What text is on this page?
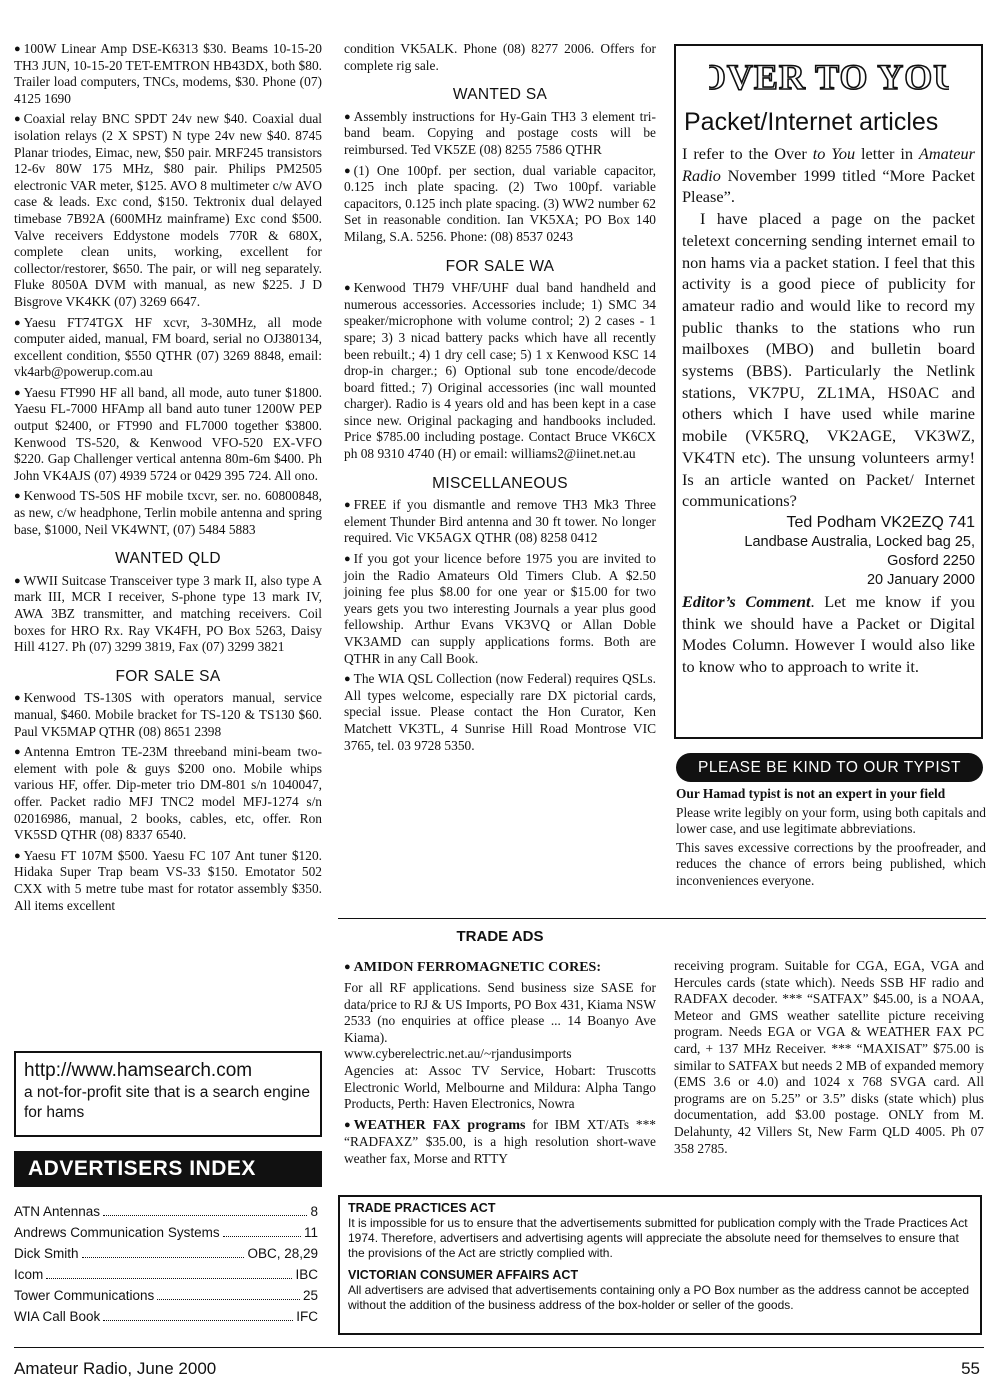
● 100W Linear Amp DSE-K6313 $30. Beams 10-15-20 TH3 JUN, 10-15-20 TET-EMTRON HB43DX, both $80. Trailer load computers, TNCs, modems, $30. Phone (07) 4125 1690

● Coaxial relay BNC SPDT 24v new $40. Coaxial dual isolation relays (2 X SPST) N type 24v new $40. 8745 Planar triodes, Eimac, new, $50 pair. MRF245 transistors 12-6v 80W 175 MHz, $80 pair. Philips PM2505 electronic VAR meter, $125. AVO 8 multimeter c/w AVO case & leads. Exc cond, $150. Tektronix dual delayed timebase 7B92A (600MHz mainframe) Exc cond $500. Valve receivers Eddystone models 770R & 680X, complete clean units, working, excellent for collector/restorer, $650. The pair, or will neg separately. Fluke 8050A DVM with manual, as new $225. J D Bisgrove VK4KK (07) 3269 6647.

● Yaesu FT74TGX HF xcvr, 3-30MHz, all mode computer aided, manual, FM board, serial no OJ380134, excellent condition, $550 QTHR (07) 3269 8848, email: vk4arb@powerup.com.au

● Yaesu FT990 HF all band, all mode, auto tuner $1800. Yaesu FL-7000 HFAmp all band auto tuner 1200W PEP output $2400, or FT990 and FL7000 together $3800. Kenwood TS-520, & Kenwood VFO-520 EX-VFO $220. Gap Challenger vertical antenna 80m-6m $400. Ph John VK4AJS (07) 4939 5724 or 0429 395 724. All ono.

● Kenwood TS-50S HF mobile txcvr, ser. no. 60800848, as new, c/w headphone, Terlin mobile antenna and spring base, $1000, Neil VK4WNT, (07) 5484 5883

WANTED QLD

● WWII Suitcase Transceiver type 3 mark II, also type A mark III, MCR I receiver, S-phone type 13 mark IV, AWA 3BZ transmitter, and matching receivers. Coil boxes for HRO Rx. Ray VK4FH, PO Box 5263, Daisy Hill 4127. Ph (07) 3299 3819, Fax (07) 3299 3821

FOR SALE SA

● Kenwood TS-130S with operators manual, service manual, $460. Mobile bracket for TS-120 & TS130 $60. Paul VK5MAP QTHR (08) 8651 2398

● Antenna Emtron TE-23M threeband mini-beam two-element with pole & guys $200 ono. Mobile whips various HF, offer. Dip-meter trio DM-801 s/n 1040047, offer. Packet radio MFJ TNC2 model MFJ-1274 s/n 02016986, manual, 2 books, cables, etc, offer. Ron VK5SD QTHR (08) 8337 6540.

● Yaesu FT 107M $500. Yaesu FC 107 Ant tuner $120. Hidaka Super Trap beam VS-33 $150. Emotator 502 CXX with 5 metre tube mast for rotator assembly $350. All items excellent

condition VK5ALK. Phone (08) 8277 2006. Offers for complete rig sale.

WANTED SA

● Assembly instructions for Hy-Gain TH3 3 element tri-band beam. Copying and postage costs will be reimbursed. Ted VK5ZE (08) 8255 7586 QTHR

● (1) One 100pf. per section, dual variable capacitor, 0.125 inch plate spacing. (2) Two 100pf. variable capacitors, 0.125 inch plate spacing. (3) WW2 number 62 Set in reasonable condition. Ian VK5XA; PO Box 140 Milang, S.A. 5256. Phone: (08) 8537 0243

FOR SALE WA

● Kenwood TH79 VHF/UHF dual band handheld and numerous accessories. Accessories include; 1) SMC 34 speaker/microphone with volume control; 2) 2 cases - 1 spare; 3) 3 nicad battery packs which have all recently been rebuilt.; 4) 1 dry cell case; 5) 1 x Kenwood KSC 14 drop-in charger.; 6) Optional sub tone encode/decode board fitted.; 7) Original accessories (inc wall mounted charger). Radio is 4 years old and has been kept in a case since new. Original packaging and handbooks included. Price $785.00 including postage. Contact Bruce VK6CX ph 08 9310 4740 (H) or email: williams2@iinet.net.au

MISCELLANEOUS

● FREE if you dismantle and remove TH3 Mk3 Three element Thunder Bird antenna and 30 ft tower. No longer required. Vic VK5AGX QTHR (08) 8258 0412

● If you got your licence before 1975 you are invited to join the Radio Amateurs Old Timers Club. A $2.50 joining fee plus $8.00 for one year or $15.00 for two years gets you two interesting Journals a year plus good fellowship. Arthur Evans VK3VQ or Allan Doble VK3AMD can supply applications forms. Both are QTHR in any Call Book.

● The WIA QSL Collection (now Federal) requires QSLs. All types welcome, especially rare DX pictorial cards, special issue. Please contact the Hon Curator, Ken Matchett VK3TL, 4 Sunrise Hill Road Montrose VIC 3765, tel. 03 9728 5350.

OVER TO YOU
Packet/Internet articles

I refer to the Over to You letter in Amateur Radio November 1999 titled “More Packet Please”.

I have placed a page on the packet teletext concerning sending internet email to non hams via a packet station. I feel that this activity is a good piece of publicity for amateur radio and would like to record my public thanks to the stations who run mailboxes (MBO) and bulletin board systems (BBS). Particularly the Netlink stations, VK7PU, ZL1MA, HS0AC and others which I have used while marine mobile (VK5RQ, VK2AGE, VK3WZ, VK4TN etc). The unsung volunteers army! Is an article wanted on Packet/ Internet communications?

Ted Podham VK2EZQ 741
Landbase Australia, Locked bag 25,
Gosford 2250
20 January 2000

Editor’s Comment. Let me know if you think we should have a Packet or Digital Modes Column. However I would also like to know who to approach to write it.

PLEASE BE KIND TO OUR TYPIST

Our Hamad typist is not an expert in your field

Please write legibly on your form, using both capitals and lower case, and use legitimate abbreviations.

This saves excessive corrections by the proofreader, and reduces the chance of errors being published, which inconveniences everyone.

http://www.hamsearch.com
a not-for-profit site that is a search engine for hams
ADVERTISERS INDEX
ATN Antennas	8
Andrews Communication Systems	11
Dick Smith	OBC, 28,29
Icom	IBC
Tower Communications	25
WIA Call Book	IFC
TRADE ADS
● AMIDON FERROMAGNETIC CORES:
For all RF applications. Send business size SASE for data/price to RJ & US Imports, PO Box 431, Kiama NSW 2533 (no enquiries at office please ... 14 Boanyo Ave Kiama).
www.cyberelectric.net.au/~rjandusimports
Agencies at: Assoc TV Service, Hobart: Truscotts Electronic World, Melbourne and Mildura: Alpha Tango Products, Perth: Haven Electronics, Nowra
● WEATHER FAX programs for IBM XT/ATs *** “RADFAXZ” $35.00, is a high resolution short-wave weather fax, Morse and RTTY
receiving program. Suitable for CGA, EGA, VGA and Hercules cards (state which). Needs SSB HF radio and RADFAX decoder. *** “SATFAX” $45.00, is a NOAA, Meteor and GMS weather satellite picture receiving program. Needs EGA or VGA & WEATHER FAX PC card, + 137 MHz Receiver. *** “MAXISAT” $75.00 is similar to SATFAX but needs 2 MB of expanded memory (EMS 3.6 or 4.0) and 1024 x 768 SVGA card. All programs are on 5.25” or 3.5” disks (state which) plus documentation, add $3.00 postage. ONLY from M. Delahunty, 42 Villers St, New Farm QLD 4005. Ph 07 358 2785.
TRADE PRACTICES ACT

It is impossible for us to ensure that the advertisements submitted for publication comply with the Trade Practices Act 1974. Therefore, advertisers and advertising agents will appreciate the absolute need for themselves to ensure that the provisions of the Act are strictly complied with.

VICTORIAN CONSUMER AFFAIRS ACT

All advertisers are advised that advertisements containing only a PO Box number as the address cannot be accepted without the addition of the business address of the box-holder or seller of the goods.

Amateur Radio, June 2000	55
